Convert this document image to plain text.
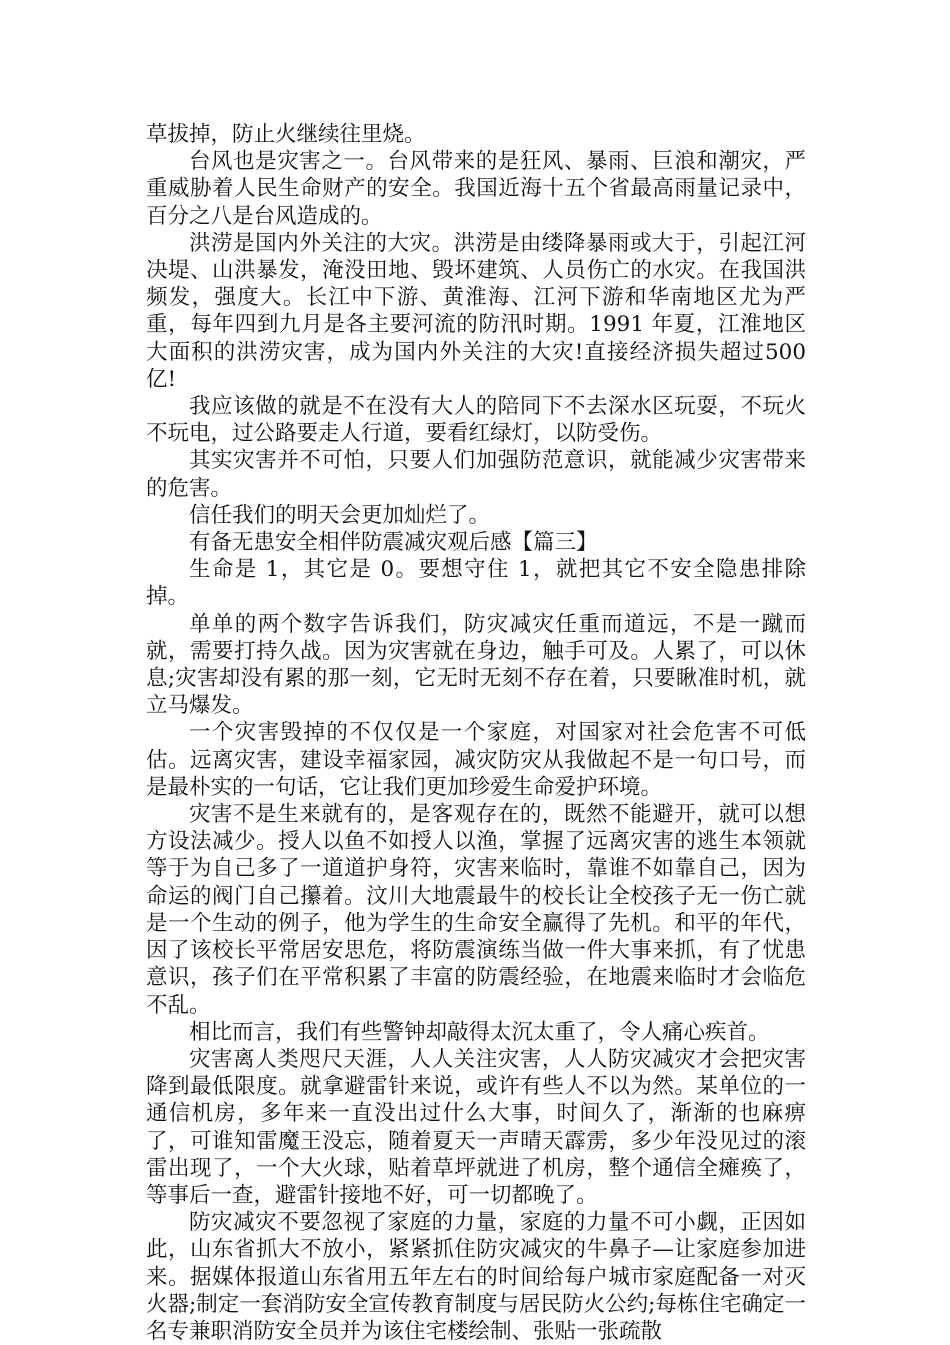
草拔掉，防止火继续往里烧。

台风也是灾害之一。台风带来的是狂风、暴雨、巨浪和潮灾，严重威胁着人民生命财产的安全。我国近海十五个省最高雨量记录中，百分之八是台风造成的。

洪涝是国内外关注的大灾。洪涝是由缕降暴雨或大于，引起江河决堤、山洪暴发，淹没田地、毁坏建筑、人员伤亡的水灾。在我国洪频发，强度大。长江中下游、黄淮海、江河下游和华南地区尤为严重，每年四到九月是各主要河流的防汛时期。1991 年夏，江淮地区大面积的洪涝灾害，成为国内外关注的大灾!直接经济损失超过500 亿!

我应该做的就是不在没有大人的陪同下不去深水区玩耍，不玩火不玩电，过公路要走人行道，要看红绿灯，以防受伤。

其实灾害并不可怕，只要人们加强防范意识，就能减少灾害带来的危害。

信任我们的明天会更加灿烂了。

有备无患安全相伴防震减灾观后感【篇三】

生命是 1，其它是 0。要想守住 1，就把其它不安全隐患排除掉。

单单的两个数字告诉我们，防灾减灾任重而道远，不是一蹴而就，需要打持久战。因为灾害就在身边，触手可及。人累了，可以休息;灾害却没有累的那一刻，它无时无刻不存在着，只要瞅准时机，就立马爆发。

一个灾害毁掉的不仅仅是一个家庭，对国家对社会危害不可低估。远离灾害，建设幸福家园，减灾防灾从我做起不是一句口号，而是最朴实的一句话，它让我们更加珍爱生命爱护环境。

灾害不是生来就有的，是客观存在的，既然不能避开，就可以想方设法减少。授人以鱼不如授人以渔，掌握了远离灾害的逃生本领就等于为自己多了一道道护身符，灾害来临时，靠谁不如靠自己，因为命运的阀门自己攥着。汶川大地震最牛的校长让全校孩子无一伤亡就是一个生动的例子，他为学生的生命安全赢得了先机。和平的年代，因了该校长平常居安思危，将防震演练当做一件大事来抓，有了忧患意识，孩子们在平常积累了丰富的防震经验，在地震来临时才会临危不乱。

相比而言，我们有些警钟却敲得太沉太重了，令人痛心疾首。

灾害离人类咫尺天涯，人人关注灾害，人人防灾减灾才会把灾害降到最低限度。就拿避雷针来说，或许有些人不以为然。某单位的一通信机房，多年来一直没出过什么大事，时间久了，渐渐的也麻痹了，可谁知雷魔王没忘，随着夏天一声晴天霹雳，多少年没见过的滚雷出现了，一个大火球，贴着草坪就进了机房，整个通信全瘫痪了，等事后一查，避雷针接地不好，可一切都晚了。

防灾减灾不要忽视了家庭的力量，家庭的力量不可小觑，正因如此，山东省抓大不放小，紧紧抓住防灾减灾的牛鼻子—让家庭参加进来。据媒体报道山东省用五年左右的时间给每户城市家庭配备一对灭火器;制定一套消防安全宣传教育制度与居民防火公约;每栋住宅确定一名专兼职消防安全员并为该住宅楼绘制、张贴一张疏散
